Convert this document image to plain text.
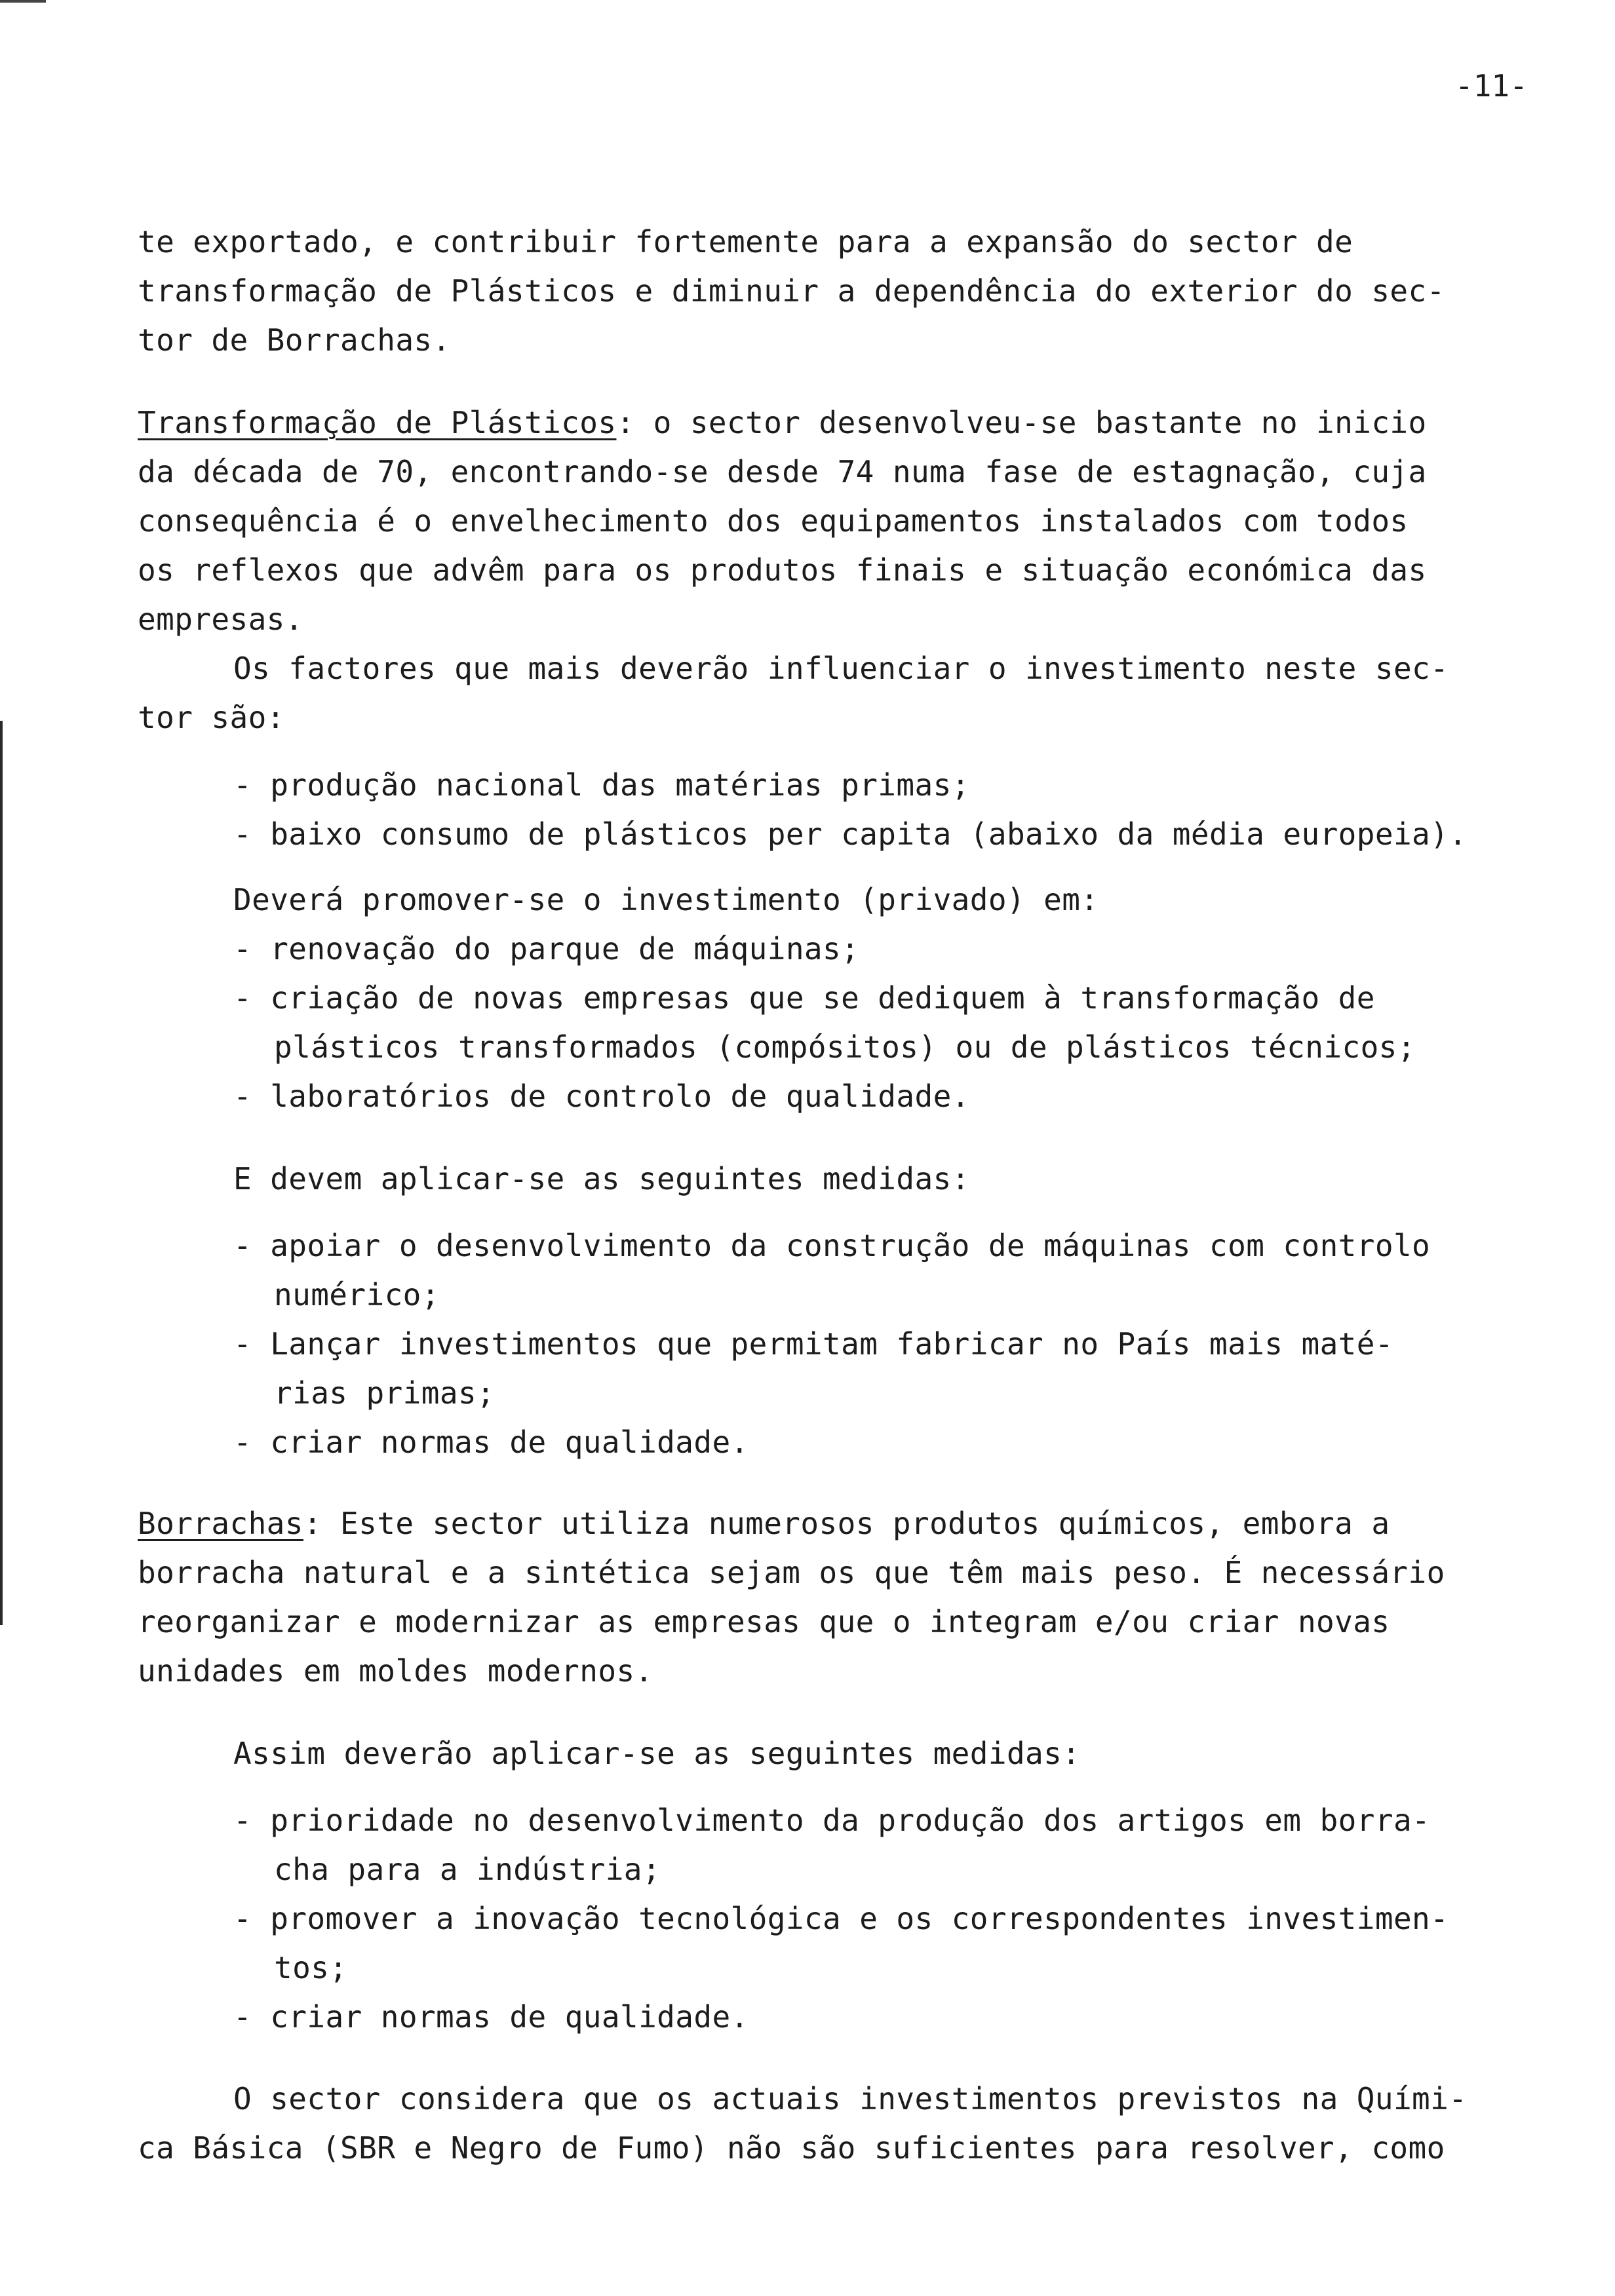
-11-
te exportado, e contribuir fortemente para a expansão do sector de
transformação de Plásticos e diminuir a dependência do exterior do sec-
tor de Borrachas.
Transformação de Plásticos: o sector desenvolveu-se bastante no inicio
da década de 70, encontrando-se desde 74 numa fase de estagnação, cuja
consequência é o envelhecimento dos equipamentos instalados com todos
os reflexos que advêm para os produtos finais e situação económica das
empresas.
Os factores que mais deverão influenciar o investimento neste sec-
tor são:
- produção nacional das matérias primas;
- baixo consumo de plásticos per capita (abaixo da média europeia).
Deverá promover-se o investimento (privado) em:
- renovação do parque de máquinas;
- criação de novas empresas que se dediquem à transformação de
plásticos transformados (compósitos) ou de plásticos técnicos;
- laboratórios de controlo de qualidade.
E devem aplicar-se as seguintes medidas:
- apoiar o desenvolvimento da construção de máquinas com controlo
numérico;
- Lançar investimentos que permitam fabricar no País mais maté-
rias primas;
- criar normas de qualidade.
Borrachas: Este sector utiliza numerosos produtos químicos, embora a
borracha natural e a sintética sejam os que têm mais peso. É necessário
reorganizar e modernizar as empresas que o integram e/ou criar novas
unidades em moldes modernos.
Assim deverão aplicar-se as seguintes medidas:
- prioridade no desenvolvimento da produção dos artigos em borra-
cha para a indústria;
- promover a inovação tecnológica e os correspondentes investimen-
tos;
- criar normas de qualidade.
O sector considera que os actuais investimentos previstos na Quími-
ca Básica (SBR e Negro de Fumo) não são suficientes para resolver, como
